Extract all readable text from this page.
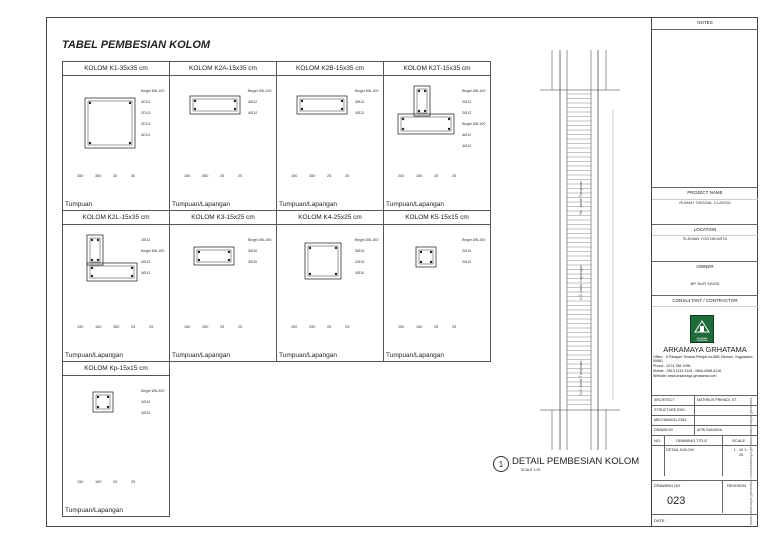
TABEL PEMBESIAN KOLOM
KOLOM K1-35x35 cm
Tumpuan
Begel Ø8-100
4D13
2D13
2D13
4D13
350	350	30	30
KOLOM K2A-15x35 cm
Tumpuan/Lapangan
Begel Ø8-100
4Ø12
4Ø12
150	350	25	25
KOLOM K2B-15x35 cm
Tumpuan/Lapangan
Begel Ø8-100
3Ø12
3Ø12
150	350	25	25
KOLOM K2T-15x35 cm
Tumpuan/Lapangan
Begel Ø8-100
2Ø12
2Ø12
Begel Ø8-100
4Ø12
4Ø12
200	150	25	25
KOLOM K2L-15x35 cm
Tumpuan/Lapangan
2Ø12
Begel Ø8-150
3Ø12
3Ø12
150	150	350	25	25
KOLOM K3-15x25 cm
Tumpuan/Lapangan
Begel Ø8-150
3Ø10
3Ø10
150	250	25	25
KOLOM K4-25x25 cm
Tumpuan/Lapangan
Begel Ø8-150
3Ø10
2Ø10
3Ø10
250	250	25	25
KOLOM K5-15x15 cm
Tumpuan/Lapangan
Begel Ø8-150
2Ø10
2Ø10
150	150	25	25
KOLOM Kp-15x15 cm
Tumpuan/Lapangan
Begel Ø8-200
2Ø10
2Ø10
150	150	25	25
Sk. Jarak Tumpuan
L/3 Jarak Lapangan
L/4 Jarak Tumpuan
1 DETAIL PEMBESIAN KOLOM
SCALE 1:25
NOTES
PROJECT NAME
RUMAH TINGGAL 2 LANTAI
LOCATION
SLEMAN YOGYAKARTA
OWNER
BP. NUR SAHID
CONSULTANT / CONTRACTOR
ARKAMAYA GRHATAMA
ARKAMAYA GRHATAMA
Office : Jl.Palagan Tentara Pelajar no.88B Sleman, Yogyakarta 55581
Phone : 0274.788 1998
Mobile : 0813.1133.3118 - 0856.0088.8118
Website: www.arkamaya-grhatama.com
ARCHITECT	MATHEUS PRIHADI, ST.
STRUCTURE ENG.
MECHANICAL ENG.
DRAWN BY	AFRI SANJAYA
NO.	DRAWING TITLE	SCALE
DETAIL KOLOM	1 : 10 1 : 25
DRAWING NO	REVISION
023
DATE :	www.arkamaya-grhatama.com/arkamaya.grhatama/arkamaya grhatama
